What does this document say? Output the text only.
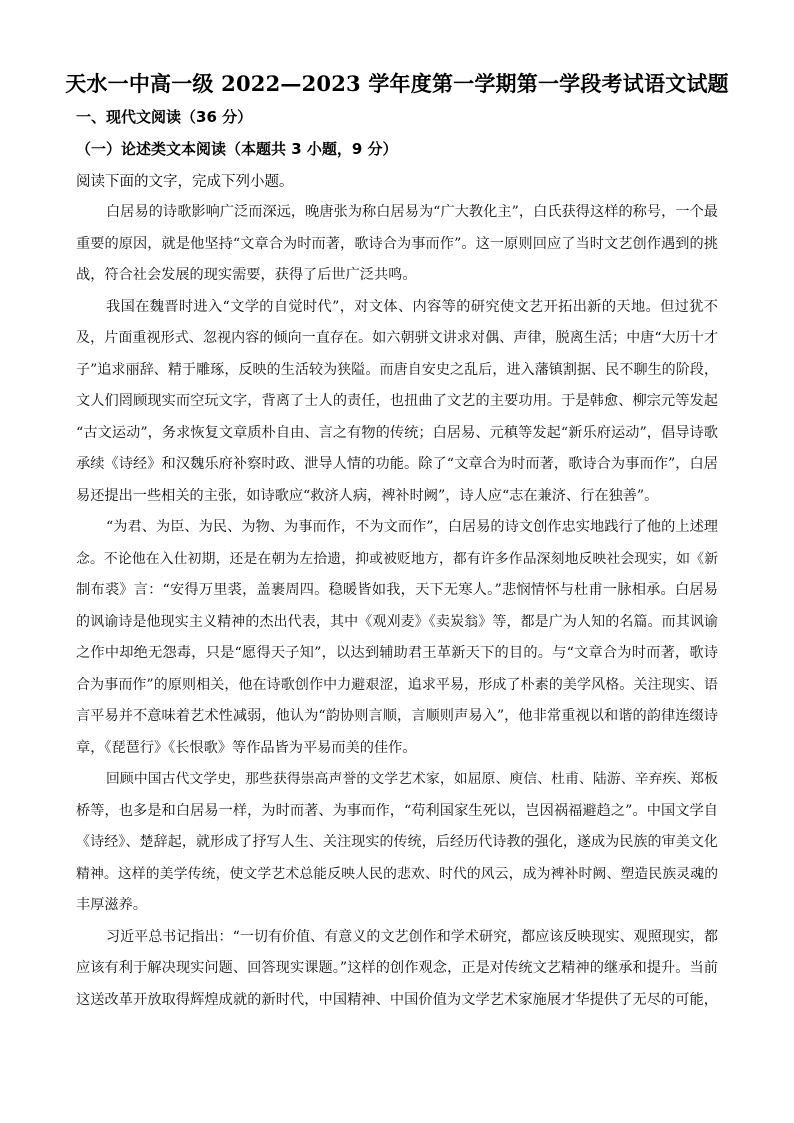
天水一中高一级 2022—2023 学年度第一学期第一学段考试语文试题
一、现代文阅读（36 分）
（一）论述类文本阅读（本题共 3 小题，9 分）
阅读下面的文字，完成下列小题。
白居易的诗歌影响广泛而深远，晚唐张为称白居易为“广大教化主”，白氏获得这样的称号，一个最
重要的原因，就是他坚持“文章合为时而著，歌诗合为事而作”。这一原则回应了当时文艺创作遇到的挑
战，符合社会发展的现实需要，获得了后世广泛共鸣。
我国在魏晋时进入“文学的自觉时代”，对文体、内容等的研究使文艺开拓出新的天地。但过犹不
及，片面重视形式、忽视内容的倾向一直存在。如六朝骈文讲求对偶、声律，脱离生活；中唐“大历十才
子”追求丽辞、精于雕琢，反映的生活较为狭隘。而唐自安史之乱后，进入藩镇割据、民不聊生的阶段，
文人们罔顾现实而空玩文字，背离了士人的责任，也扭曲了文艺的主要功用。于是韩愈、柳宗元等发起
“古文运动”，务求恢复文章质朴自由、言之有物的传统；白居易、元稹等发起“新乐府运动”，倡导诗歌
承续《诗经》和汉魏乐府补察时政、泄导人情的功能。除了“文章合为时而著，歌诗合为事而作”，白居
易还提出一些相关的主张，如诗歌应“救济人病，裨补时阙”，诗人应“志在兼济、行在独善”。
“为君、为臣、为民、为物、为事而作，不为文而作”，白居易的诗文创作忠实地践行了他的上述理
念。不论他在入仕初期，还是在朝为左拾遗，抑或被贬地方，都有许多作品深刻地反映社会现实，如《新
制布裘》言：“安得万里裘，盖裹周四。稳暖皆如我，天下无寒人。”悲悯情怀与杜甫一脉相承。白居易
的讽谕诗是他现实主义精神的杰出代表，其中《观刈麦》《卖炭翁》等，都是广为人知的名篇。而其讽谕
之作中却绝无怨毒，只是“愿得天子知”，以达到辅助君王革新天下的目的。与“文章合为时而著，歌诗
合为事而作”的原则相关，他在诗歌创作中力避艰涩，追求平易，形成了朴素的美学风格。关注现实、语
言平易并不意味着艺术性减弱，他认为“韵协则言顺，言顺则声易入”，他非常重视以和谐的韵律连缀诗
章，《琵琶行》《长恨歌》等作品皆为平易而美的佳作。
回顾中国古代文学史，那些获得崇高声誉的文学艺术家，如屈原、庾信、杜甫、陆游、辛弃疾、郑板
桥等，也多是和白居易一样，为时而著、为事而作，“苟利国家生死以，岂因祸福避趋之”。中国文学自
《诗经》、楚辞起，就形成了抒写人生、关注现实的传统，后经历代诗教的强化，遂成为民族的审美文化
精神。这样的美学传统，使文学艺术总能反映人民的悲欢、时代的风云，成为裨补时阙、塑造民族灵魂的
丰厚滋养。
习近平总书记指出：“一切有价值、有意义的文艺创作和学术研究，都应该反映现实、观照现实，都
应该有利于解决现实问题、回答现实课题。”这样的创作观念，正是对传统文艺精神的继承和提升。当前
这送改革开放取得辉煌成就的新时代，中国精神、中国价值为文学艺术家施展才华提供了无尽的可能，
